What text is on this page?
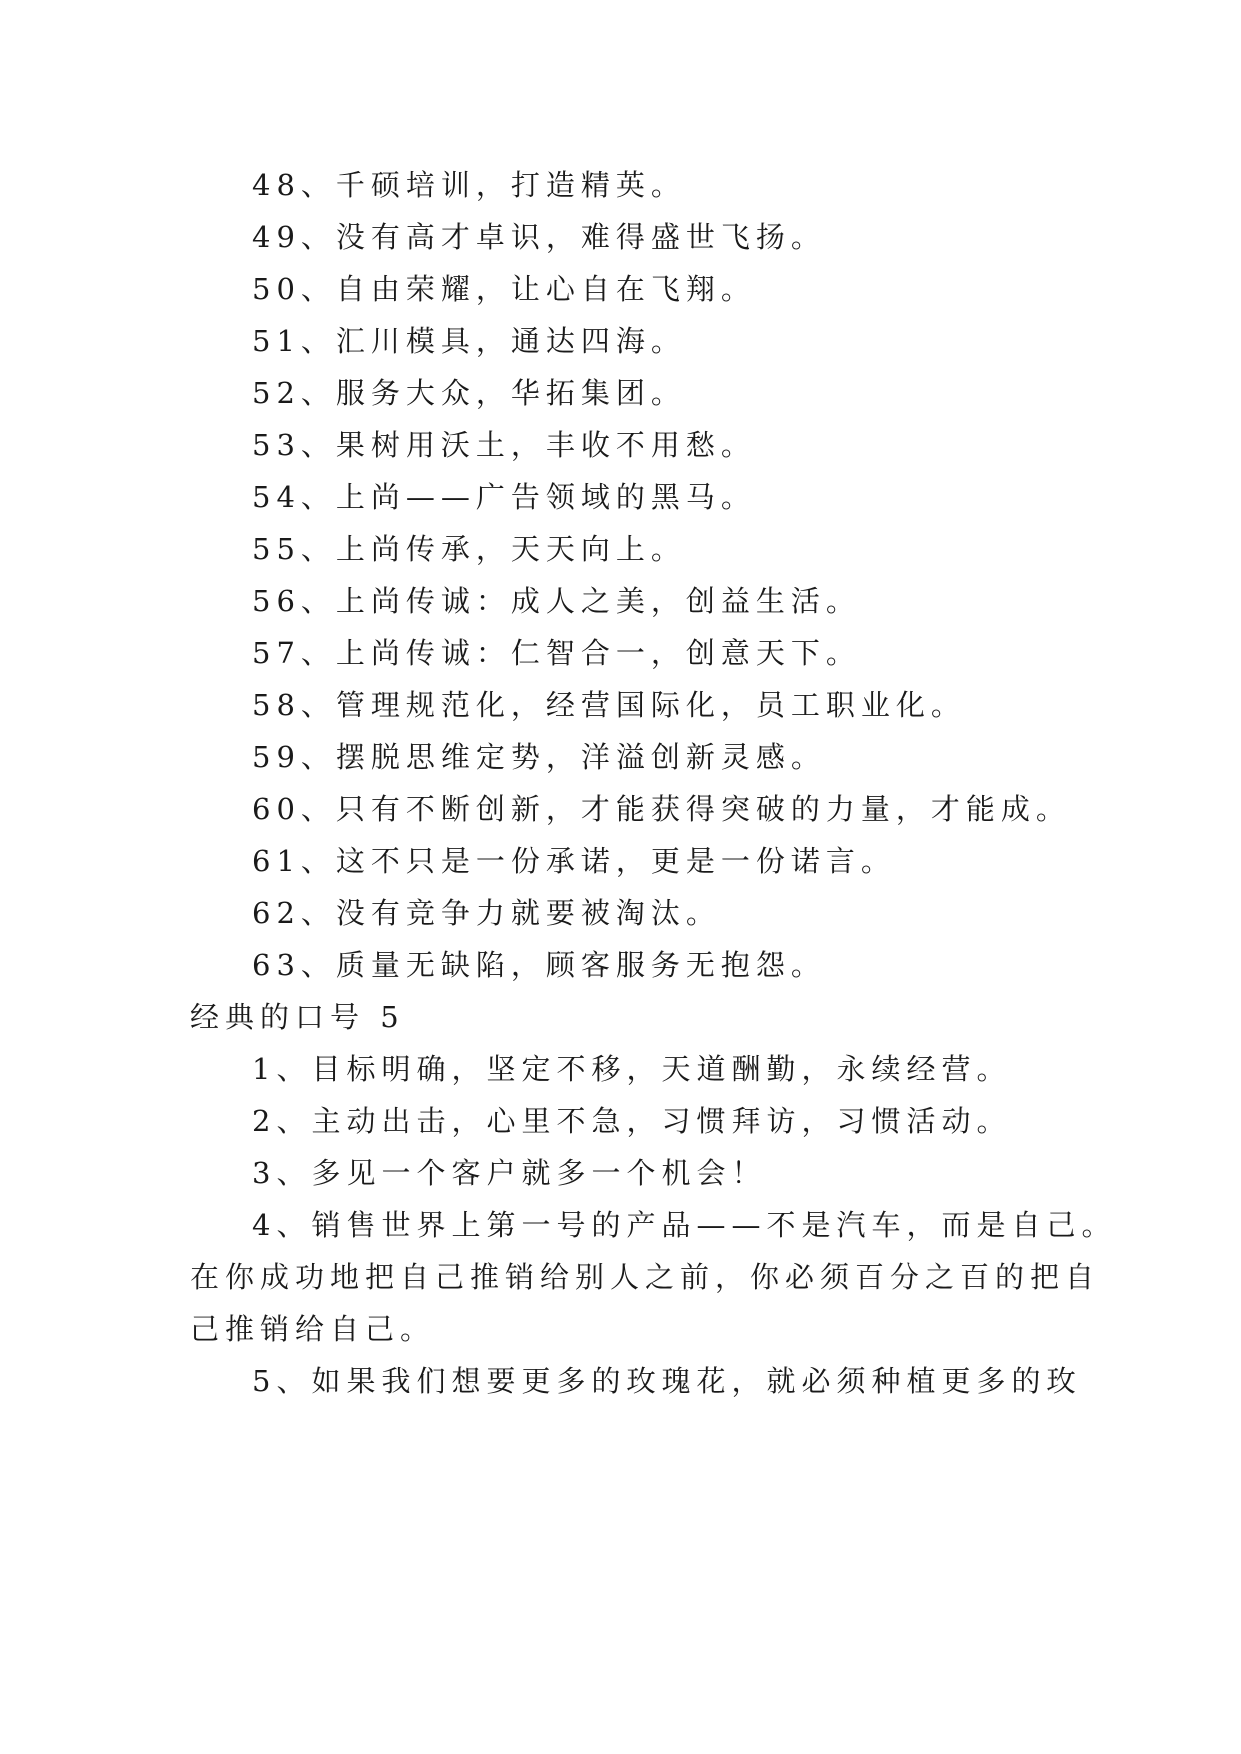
48、千硕培训，打造精英。
49、没有高才卓识，难得盛世飞扬。
50、自由荣耀，让心自在飞翔。
51、汇川模具，通达四海。
52、服务大众，华拓集团。
53、果树用沃土，丰收不用愁。
54、上尚——广告领域的黑马。
55、上尚传承，天天向上。
56、上尚传诚：成人之美，创益生活。
57、上尚传诚：仁智合一，创意天下。
58、管理规范化，经营国际化，员工职业化。
59、摆脱思维定势，洋溢创新灵感。
60、只有不断创新，才能获得突破的力量，才能成。
61、这不只是一份承诺，更是一份诺言。
62、没有竞争力就要被淘汰。
63、质量无缺陷，顾客服务无抱怨。
经典的口号 5
1、目标明确，坚定不移，天道酬勤，永续经营。
2、主动出击，心里不急，习惯拜访，习惯活动。
3、多见一个客户就多一个机会！
4、销售世界上第一号的产品——不是汽车，而是自己。
在你成功地把自己推销给别人之前，你必须百分之百的把自
己推销给自己。
5、如果我们想要更多的玫瑰花，就必须种植更多的玫
